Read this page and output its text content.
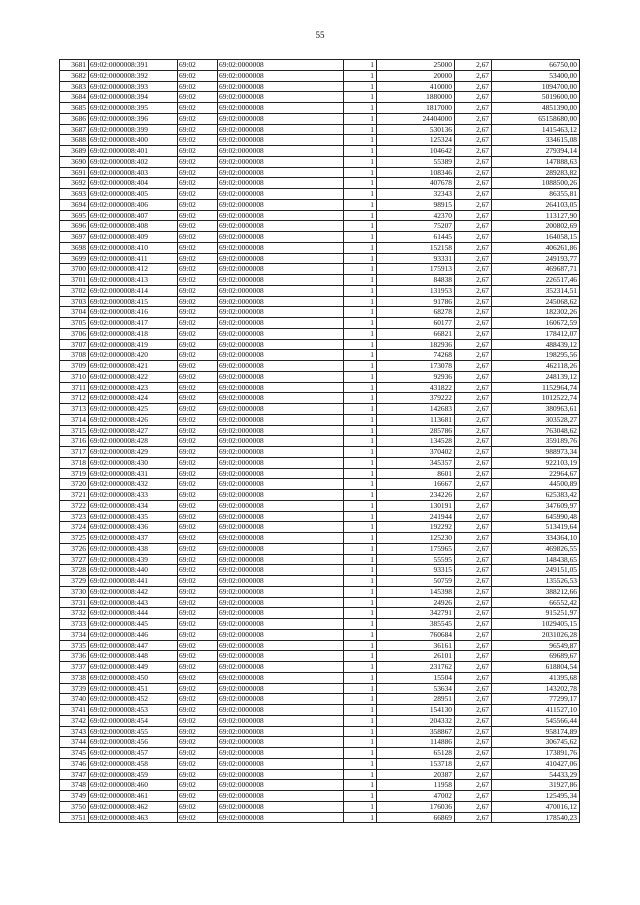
55
3681	69:02:0000008:391	69:02	69:02:0000008	1	25000	2,67	66750,00
3682	69:02:0000008:392	69:02	69:02:0000008	1	20000	2,67	53400,00
3683	69:02:0000008:393	69:02	69:02:0000008	1	410000	2,67	1094700,00
3684	69:02:0000008:394	69:02	69:02:0000008	1	1880000	2,67	5019600,00
3685	69:02:0000008:395	69:02	69:02:0000008	1	1817000	2,67	4851390,00
3686	69:02:0000008:396	69:02	69:02:0000008	1	24404000	2,67	65158680,00
3687	69:02:0000008:399	69:02	69:02:0000008	1	530136	2,67	1415463,12
3688	69:02:0000008:400	69:02	69:02:0000008	1	125324	2,67	334615,08
3689	69:02:0000008:401	69:02	69:02:0000008	1	104642	2,67	279394,14
3690	69:02:0000008:402	69:02	69:02:0000008	1	55389	2,67	147888,63
3691	69:02:0000008:403	69:02	69:02:0000008	1	108346	2,67	289283,82
3692	69:02:0000008:404	69:02	69:02:0000008	1	407678	2,67	1088500,26
3693	69:02:0000008:405	69:02	69:02:0000008	1	32343	2,67	86355,81
3694	69:02:0000008:406	69:02	69:02:0000008	1	98915	2,67	264103,05
3695	69:02:0000008:407	69:02	69:02:0000008	1	42370	2,67	113127,90
3696	69:02:0000008:408	69:02	69:02:0000008	1	75207	2,67	200802,69
3697	69:02:0000008:409	69:02	69:02:0000008	1	61445	2,67	164058,15
3698	69:02:0000008:410	69:02	69:02:0000008	1	152158	2,67	406261,86
3699	69:02:0000008:411	69:02	69:02:0000008	1	93331	2,67	249193,77
3700	69:02:0000008:412	69:02	69:02:0000008	1	175913	2,67	469687,71
3701	69:02:0000008:413	69:02	69:02:0000008	1	84838	2,67	226517,46
3702	69:02:0000008:414	69:02	69:02:0000008	1	131953	2,67	352314,51
3703	69:02:0000008:415	69:02	69:02:0000008	1	91786	2,67	245068,62
3704	69:02:0000008:416	69:02	69:02:0000008	1	68278	2,67	182302,26
3705	69:02:0000008:417	69:02	69:02:0000008	1	60177	2,67	160672,59
3706	69:02:0000008:418	69:02	69:02:0000008	1	66821	2,67	178412,07
3707	69:02:0000008:419	69:02	69:02:0000008	1	182936	2,67	488439,12
3708	69:02:0000008:420	69:02	69:02:0000008	1	74268	2,67	198295,56
3709	69:02:0000008:421	69:02	69:02:0000008	1	173078	2,67	462118,26
3710	69:02:0000008:422	69:02	69:02:0000008	1	92936	2,67	248139,12
3711	69:02:0000008:423	69:02	69:02:0000008	1	431822	2,67	1152964,74
3712	69:02:0000008:424	69:02	69:02:0000008	1	379222	2,67	1012522,74
3713	69:02:0000008:425	69:02	69:02:0000008	1	142683	2,67	380963,61
3714	69:02:0000008:426	69:02	69:02:0000008	1	113681	2,67	303528,27
3715	69:02:0000008:427	69:02	69:02:0000008	1	285786	2,67	763048,62
3716	69:02:0000008:428	69:02	69:02:0000008	1	134528	2,67	359189,76
3717	69:02:0000008:429	69:02	69:02:0000008	1	370402	2,67	988973,34
3718	69:02:0000008:430	69:02	69:02:0000008	1	345357	2,67	922103,19
3719	69:02:0000008:431	69:02	69:02:0000008	1	8601	2,67	22964,67
3720	69:02:0000008:432	69:02	69:02:0000008	1	16667	2,67	44500,89
3721	69:02:0000008:433	69:02	69:02:0000008	1	234226	2,67	625383,42
3722	69:02:0000008:434	69:02	69:02:0000008	1	130191	2,67	347609,97
3723	69:02:0000008:435	69:02	69:02:0000008	1	241944	2,67	645990,48
3724	69:02:0000008:436	69:02	69:02:0000008	1	192292	2,67	513419,64
3725	69:02:0000008:437	69:02	69:02:0000008	1	125230	2,67	334364,10
3726	69:02:0000008:438	69:02	69:02:0000008	1	175965	2,67	469826,55
3727	69:02:0000008:439	69:02	69:02:0000008	1	55595	2,67	148438,65
3728	69:02:0000008:440	69:02	69:02:0000008	1	93315	2,67	249151,05
3729	69:02:0000008:441	69:02	69:02:0000008	1	50759	2,67	135526,53
3730	69:02:0000008:442	69:02	69:02:0000008	1	145398	2,67	388212,66
3731	69:02:0000008:443	69:02	69:02:0000008	1	24926	2,67	66552,42
3732	69:02:0000008:444	69:02	69:02:0000008	1	342791	2,67	915251,97
3733	69:02:0000008:445	69:02	69:02:0000008	1	385545	2,67	1029405,15
3734	69:02:0000008:446	69:02	69:02:0000008	1	760684	2,67	2031026,28
3735	69:02:0000008:447	69:02	69:02:0000008	1	36161	2,67	96549,87
3736	69:02:0000008:448	69:02	69:02:0000008	1	26101	2,67	69689,67
3737	69:02:0000008:449	69:02	69:02:0000008	1	231762	2,67	618804,54
3738	69:02:0000008:450	69:02	69:02:0000008	1	15504	2,67	41395,68
3739	69:02:0000008:451	69:02	69:02:0000008	1	53634	2,67	143202,78
3740	69:02:0000008:452	69:02	69:02:0000008	1	28951	2,67	77299,17
3741	69:02:0000008:453	69:02	69:02:0000008	1	154130	2,67	411527,10
3742	69:02:0000008:454	69:02	69:02:0000008	1	204332	2,67	545566,44
3743	69:02:0000008:455	69:02	69:02:0000008	1	358867	2,67	958174,89
3744	69:02:0000008:456	69:02	69:02:0000008	1	114886	2,67	306745,62
3745	69:02:0000008:457	69:02	69:02:0000008	1	65128	2,67	173891,76
3746	69:02:0000008:458	69:02	69:02:0000008	1	153718	2,67	410427,06
3747	69:02:0000008:459	69:02	69:02:0000008	1	20387	2,67	54433,29
3748	69:02:0000008:460	69:02	69:02:0000008	1	11958	2,67	31927,86
3749	69:02:0000008:461	69:02	69:02:0000008	1	47002	2,67	125495,34
3750	69:02:0000008:462	69:02	69:02:0000008	1	176036	2,67	470016,12
3751	69:02:0000008:463	69:02	69:02:0000008	1	66869	2,67	178540,23
